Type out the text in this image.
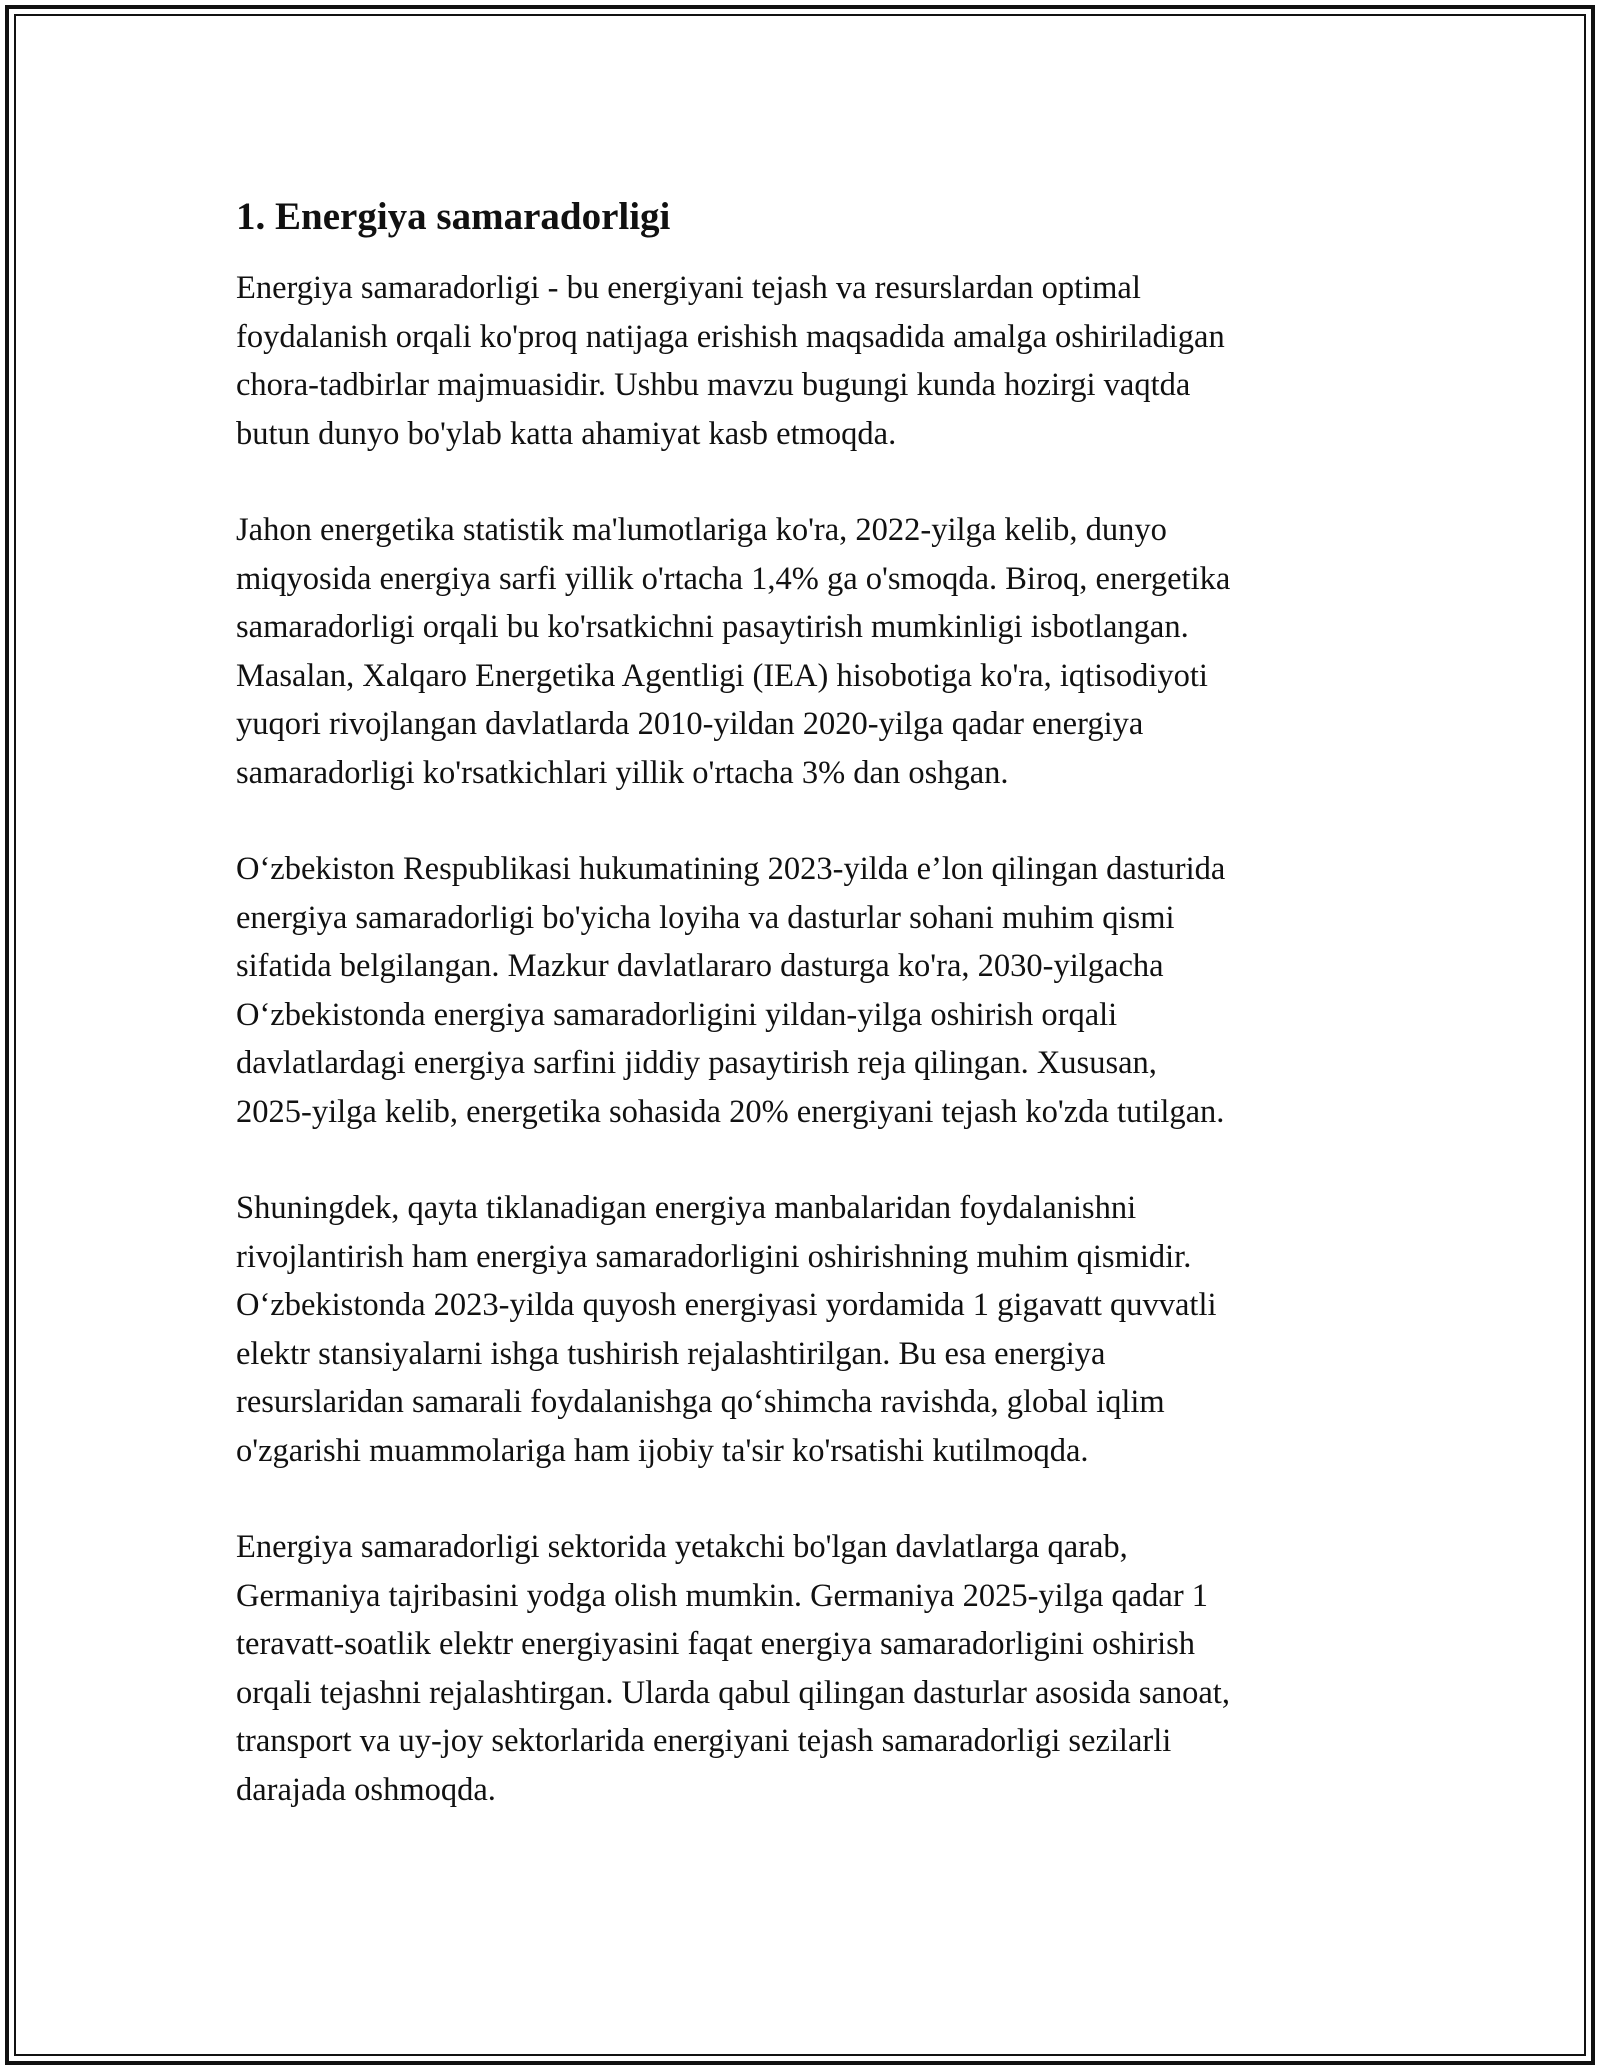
1. Energiya samaradorligi

Energiya samaradorligi - bu energiyani tejash va resurslardan optimal
foydalanish orqali ko'proq natijaga erishish maqsadida amalga oshiriladigan
chora-tadbirlar majmuasidir. Ushbu mavzu bugungi kunda hozirgi vaqtda
butun dunyo bo'ylab katta ahamiyat kasb etmoqda.

Jahon energetika statistik ma'lumotlariga ko'ra, 2022-yilga kelib, dunyo
miqyosida energiya sarfi yillik o'rtacha 1,4% ga o'smoqda. Biroq, energetika
samaradorligi orqali bu ko'rsatkichni pasaytirish mumkinligi isbotlangan.
Masalan, Xalqaro Energetika Agentligi (IEA) hisobotiga ko'ra, iqtisodiyoti
yuqori rivojlangan davlatlarda 2010-yildan 2020-yilga qadar energiya
samaradorligi ko'rsatkichlari yillik o'rtacha 3% dan oshgan.

O‘zbekiston Respublikasi hukumatining 2023-yilda e’lon qilingan dasturida
energiya samaradorligi bo'yicha loyiha va dasturlar sohani muhim qismi
sifatida belgilangan. Mazkur davlatlararo dasturga ko'ra, 2030-yilgacha
O‘zbekistonda energiya samaradorligini yildan-yilga oshirish orqali
davlatlardagi energiya sarfini jiddiy pasaytirish reja qilingan. Xususan,
2025-yilga kelib, energetika sohasida 20% energiyani tejash ko'zda tutilgan.

Shuningdek, qayta tiklanadigan energiya manbalaridan foydalanishni
rivojlantirish ham energiya samaradorligini oshirishning muhim qismidir.
O‘zbekistonda 2023-yilda quyosh energiyasi yordamida 1 gigavatt quvvatli
elektr stansiyalarni ishga tushirish rejalashtirilgan. Bu esa energiya
resurslaridan samarali foydalanishga qo‘shimcha ravishda, global iqlim
o'zgarishi muammolariga ham ijobiy ta'sir ko'rsatishi kutilmoqda.

Energiya samaradorligi sektorida yetakchi bo'lgan davlatlarga qarab,
Germaniya tajribasini yodga olish mumkin. Germaniya 2025-yilga qadar 1
teravatt-soatlik elektr energiyasini faqat energiya samaradorligini oshirish
orqali tejashni rejalashtirgan. Ularda qabul qilingan dasturlar asosida sanoat,
transport va uy-joy sektorlarida energiyani tejash samaradorligi sezilarli
darajada oshmoqda.
